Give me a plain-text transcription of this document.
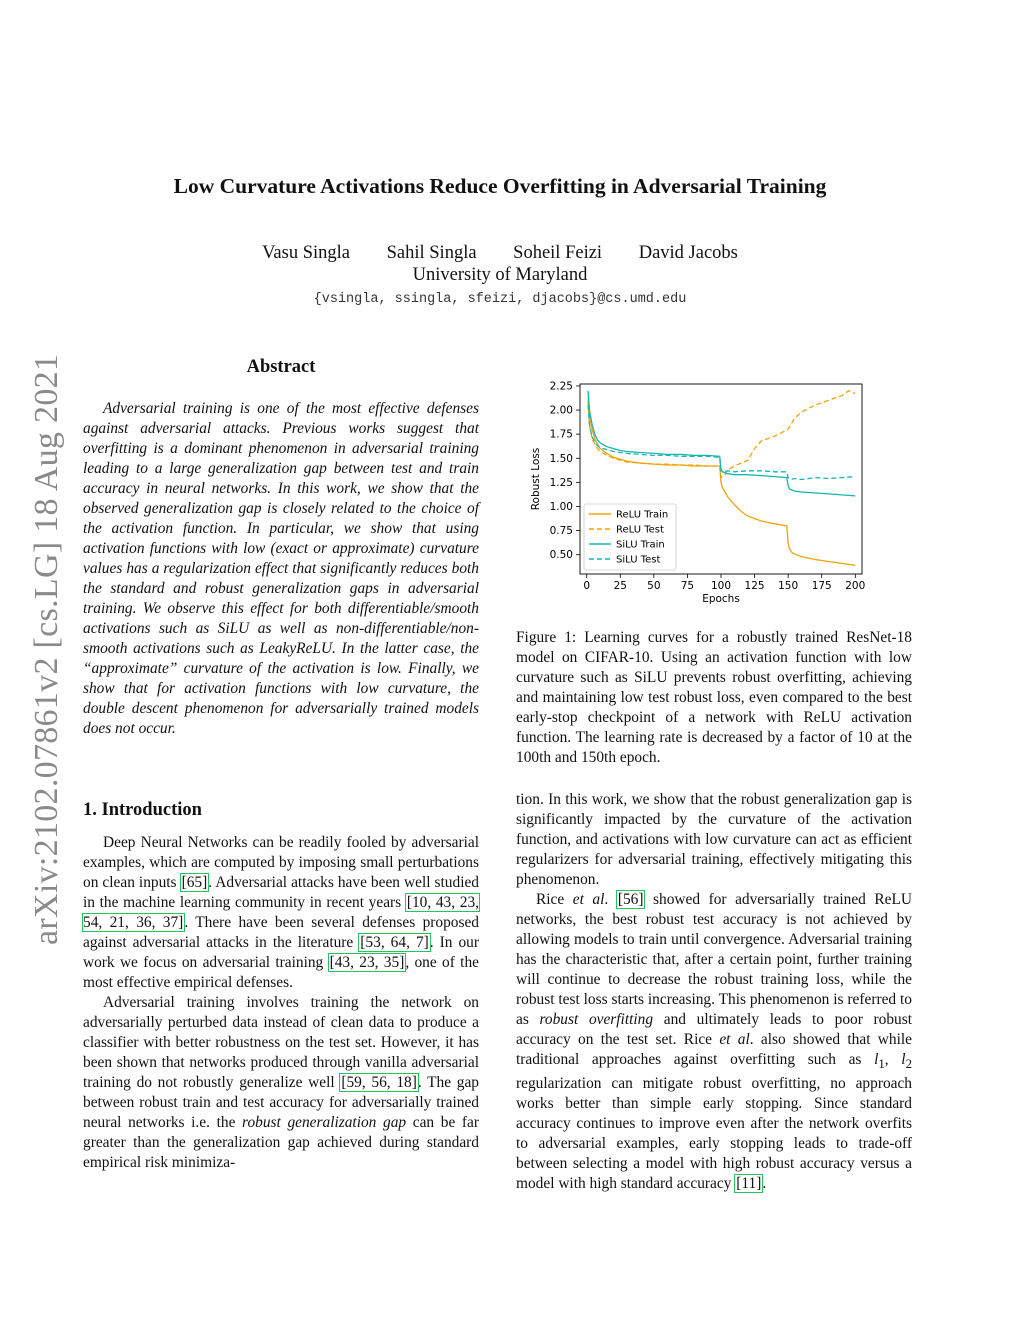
arXiv:2102.07861v2 [cs.LG] 18 Aug 2021
Low Curvature Activations Reduce Overfitting in Adversarial Training
Vasu Singla Sahil Singla Soheil Feizi David Jacobs
University of Maryland
{vsingla, ssingla, sfeizi, djacobs}@cs.umd.edu
Abstract

Adversarial training is one of the most effective defenses against adversarial attacks. Previous works suggest that overfitting is a dominant phenomenon in adversarial training leading to a large generalization gap between test and train accuracy in neural networks. In this work, we show that the observed generalization gap is closely related to the choice of the activation function. In particular, we show that using activation functions with low (exact or approximate) curvature values has a regularization effect that significantly reduces both the standard and robust generalization gaps in adversarial training. We observe this effect for both differentiable/smooth activations such as SiLU as well as non-differentiable/non-smooth activations such as LeakyReLU. In the latter case, the “approximate” curvature of the activation is low. Finally, we show that for activation functions with low curvature, the double descent phenomenon for adversarially trained models does not occur.

1. Introduction

Deep Neural Networks can be readily fooled by adversarial examples, which are computed by imposing small perturbations on clean inputs [65]. Adversarial attacks have been well studied in the machine learning community in recent years [10, 43, 23, 54, 21, 36, 37]. There have been several defenses proposed against adversarial attacks in the literature [53, 64, 7]. In our work we focus on adversarial training [43, 23, 35], one of the most effective empirical defenses.

Adversarial training involves training the network on adversarially perturbed data instead of clean data to produce a classifier with better robustness on the test set. However, it has been shown that networks produced through vanilla adversarial training do not robustly generalize well [59, 56, 18]. The gap between robust train and test accuracy for adversarially trained neural networks i.e. the robust generalization gap can be far greater than the generalization gap achieved during standard empirical risk minimiza-

0 25 50 75 100 125 150 175 200
0.50
0.75
1.00
1.25
1.50
1.75
2.00
2.25
Epochs
Robust Loss
ReLU Train
ReLU Test
SiLU Train
SiLU Test

Figure 1: Learning curves for a robustly trained ResNet-18 model on CIFAR-10. Using an activation function with low curvature such as SiLU prevents robust overfitting, achieving and maintaining low test robust loss, even compared to the best early-stop checkpoint of a network with ReLU activation function. The learning rate is decreased by a factor of 10 at the 100th and 150th epoch.

tion. In this work, we show that the robust generalization gap is significantly impacted by the curvature of the activation function, and activations with low curvature can act as efficient regularizers for adversarial training, effectively mitigating this phenomenon.

Rice et al. [56] showed for adversarially trained ReLU networks, the best robust test accuracy is not achieved by allowing models to train until convergence. Adversarial training has the characteristic that, after a certain point, further training will continue to decrease the robust training loss, while the robust test loss starts increasing. This phenomenon is referred to as robust overfitting and ultimately leads to poor robust accuracy on the test set. Rice et al. also showed that while traditional approaches against overfitting such as $l_1$, $l_2$ regularization can mitigate robust overfitting, no approach works better than simple early stopping. Since standard accuracy continues to improve even after the network overfits to adversarial examples, early stopping leads to trade-off between selecting a model with high robust accuracy versus a model with high standard accuracy [11].
